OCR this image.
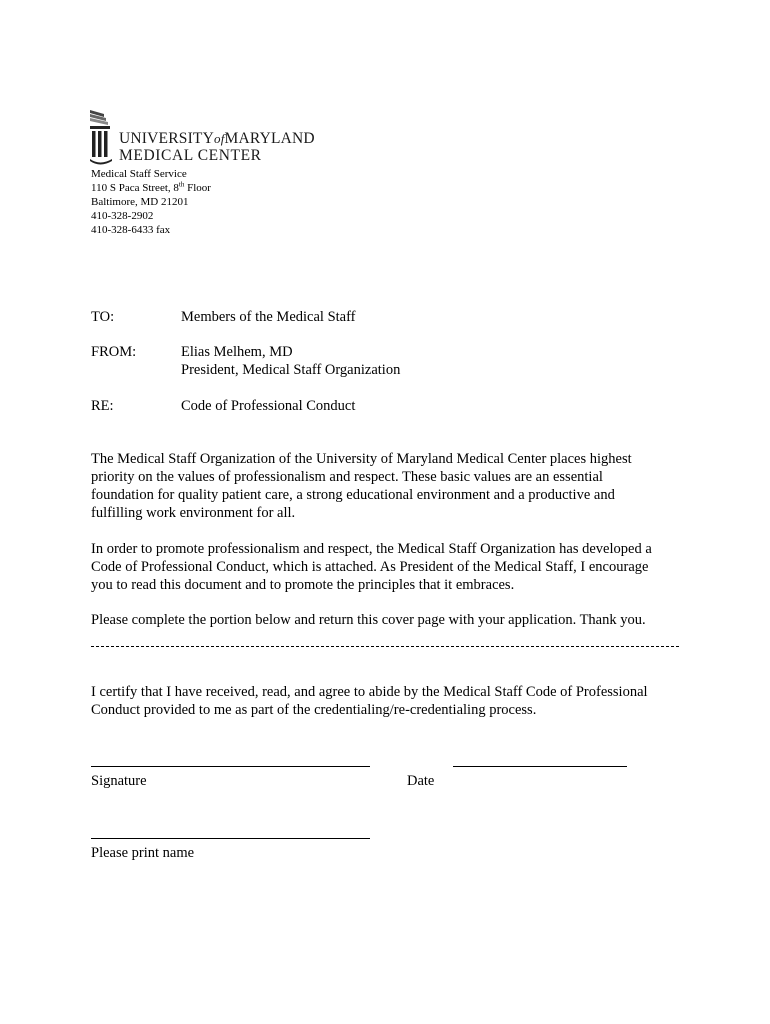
UNIVERSITYofMARYLAND
MEDICAL CENTER
Medical Staff Service
110 S Paca Street, 8th Floor
Baltimore, MD 21201
410-328-2902
410-328-6433 fax
TO:	Members of the Medical Staff
FROM:	Elias Melhem, MD
President, Medical Staff Organization
RE:	Code of Professional Conduct
The Medical Staff Organization of the University of Maryland Medical Center places highest
priority on the values of professionalism and respect. These basic values are an essential
foundation for quality patient care, a strong educational environment and a productive and
fulfilling work environment for all.
In order to promote professionalism and respect, the Medical Staff Organization has developed a
Code of Professional Conduct, which is attached. As President of the Medical Staff, I encourage
you to read this document and to promote the principles that it embraces.
Please complete the portion below and return this cover page with your application. Thank you.
I certify that I have received, read, and agree to abide by the Medical Staff Code of Professional
Conduct provided to me as part of the credentialing/re-credentialing process.
Signature	Date
Please print name
